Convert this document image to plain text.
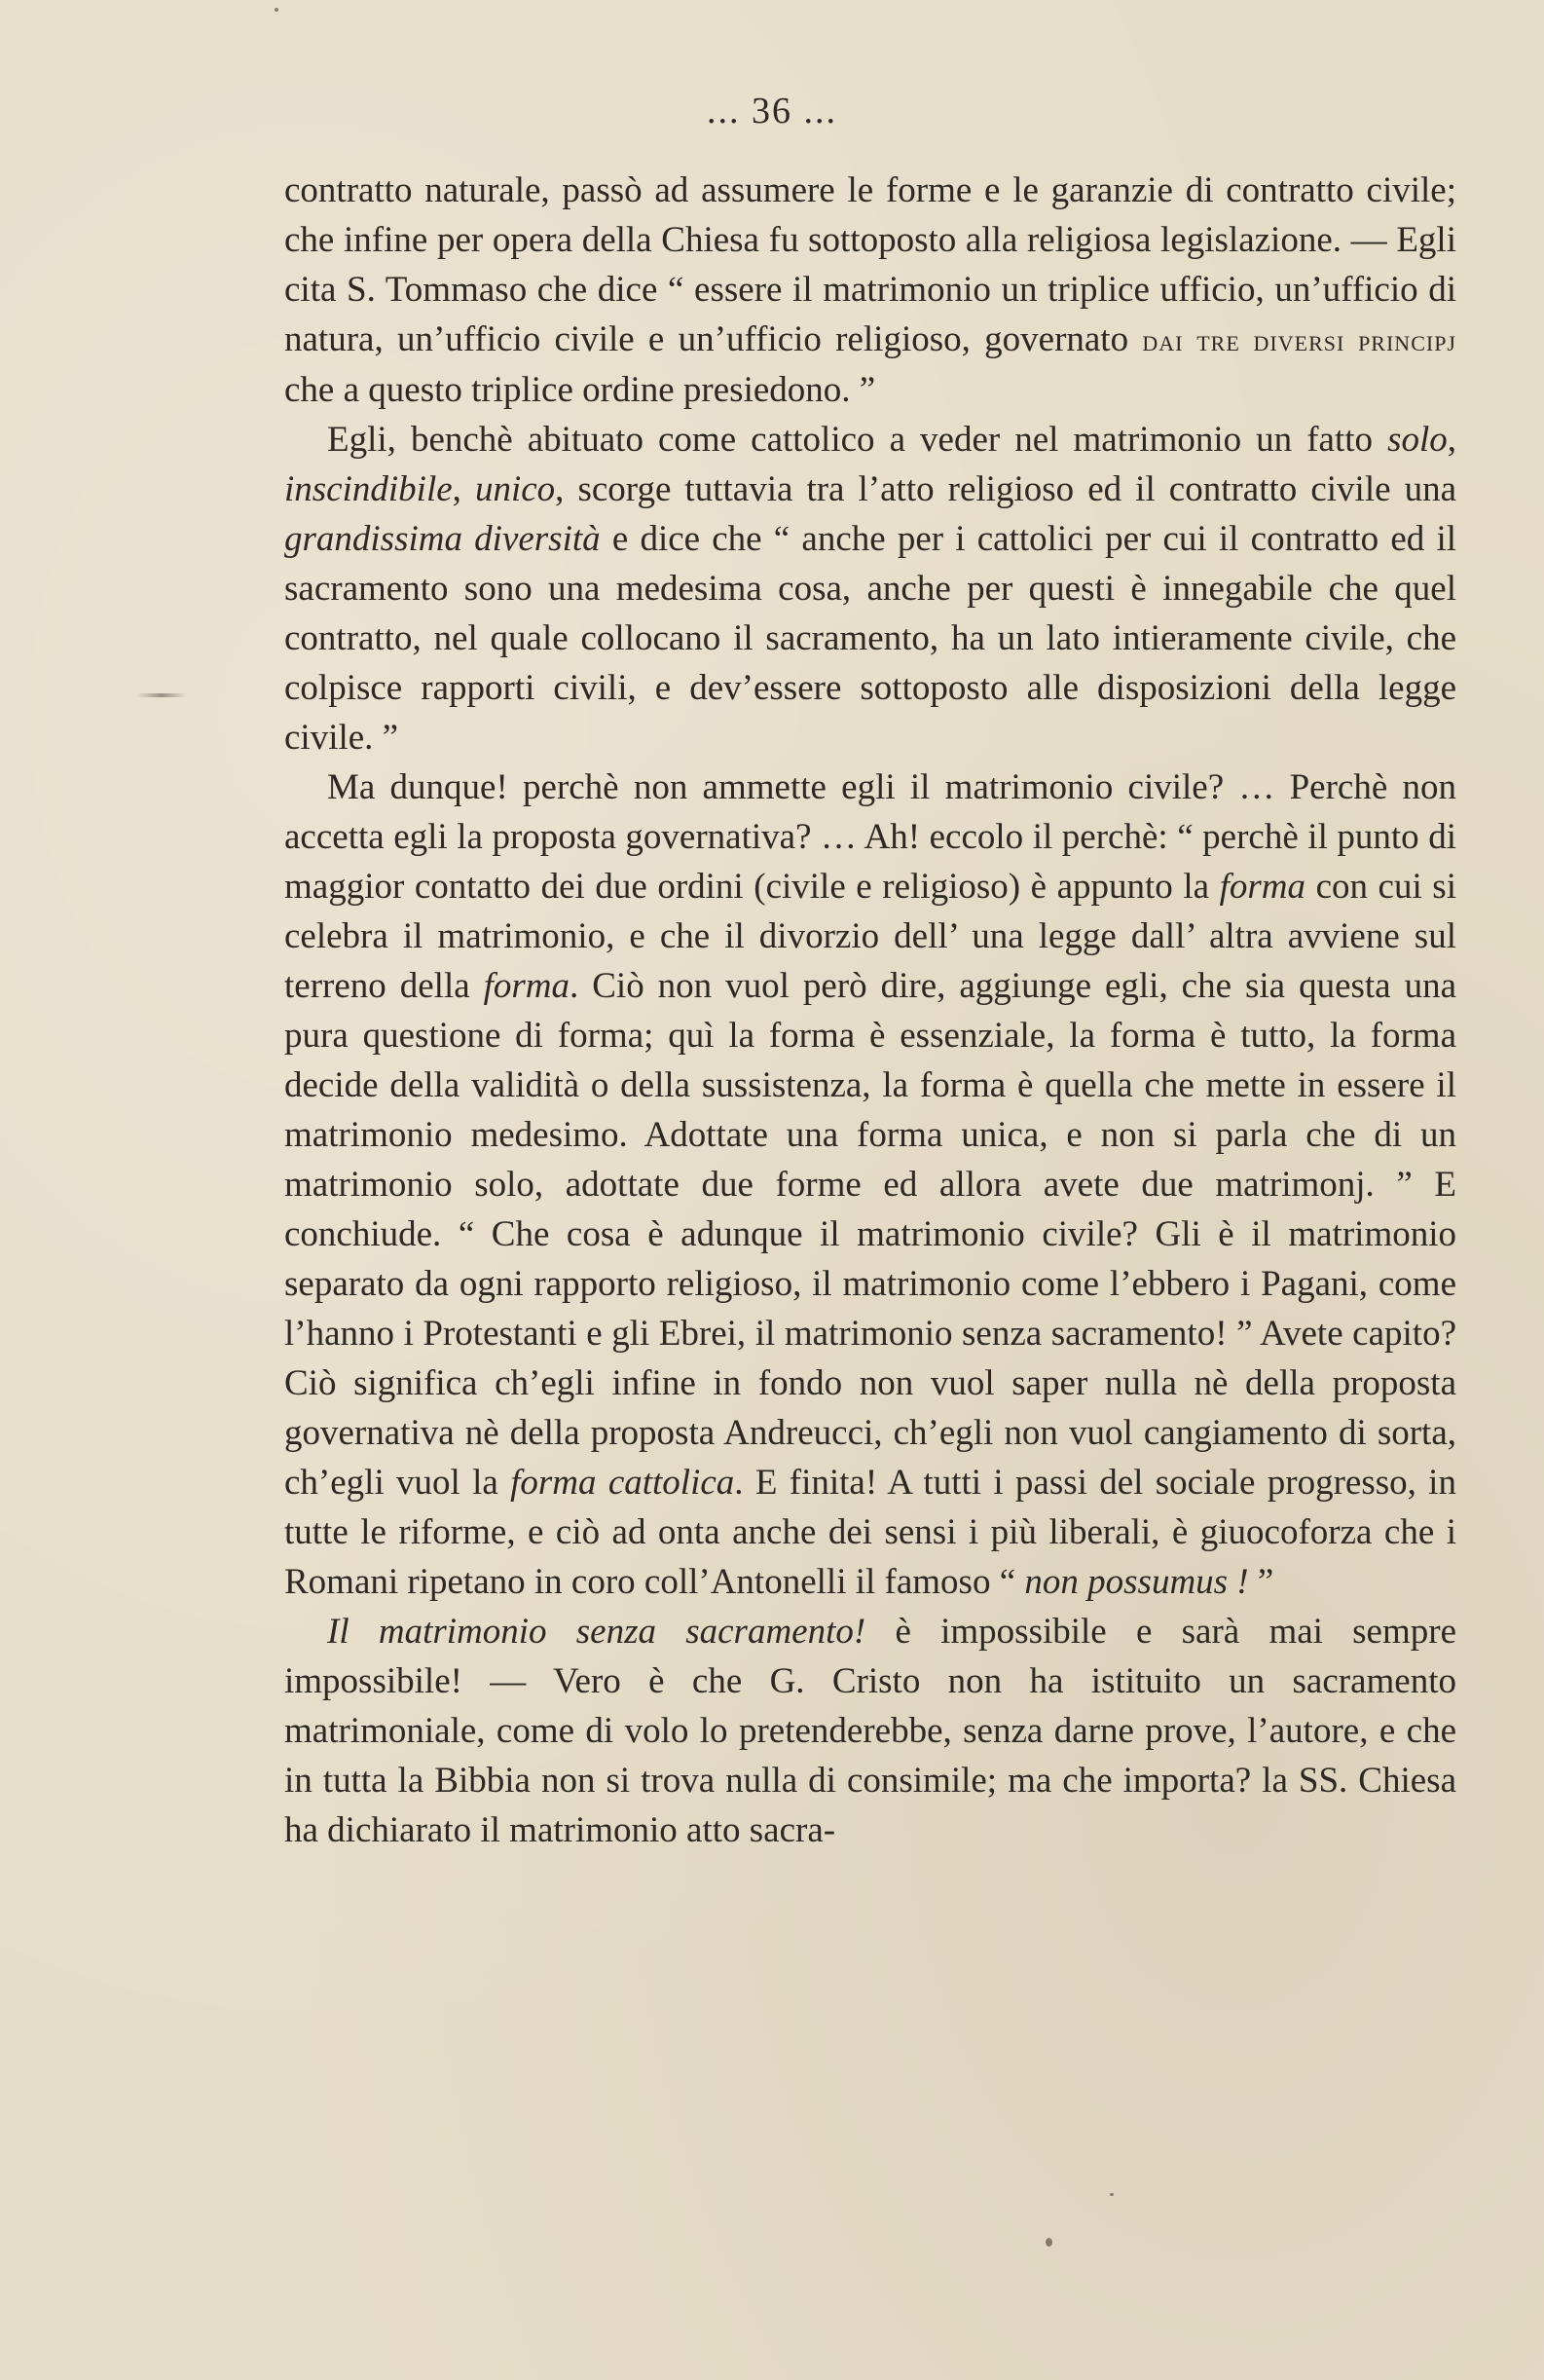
... 36 ...

contratto naturale, passò ad assumere le forme e le garanzie di contratto civile; che infine per opera della Chiesa fu sottoposto alla religiosa legislazione. — Egli cita S. Tommaso che dice “ essere il matrimonio un triplice ufficio, un’ufficio di natura, un’ufficio civile e un’ufficio religioso, governato dai tre diversi principj che a questo triplice ordine presiedono. ”

Egli, benchè abituato come cattolico a veder nel matrimonio un fatto solo, inscindibile, unico, scorge tuttavia tra l’atto religioso ed il contratto civile una grandissima diversità e dice che “ anche per i cattolici per cui il contratto ed il sacramento sono una medesima cosa, anche per questi è innegabile che quel contratto, nel quale collocano il sacramento, ha un lato intieramente civile, che colpisce rapporti civili, e dev’essere sottoposto alle disposizioni della legge civile. ”

Ma dunque! perchè non ammette egli il matrimonio civile? … Perchè non accetta egli la proposta governativa? … Ah! eccolo il perchè: “ perchè il punto di maggior contatto dei due ordini (civile e religioso) è appunto la forma con cui si celebra il matrimonio, e che il divorzio dell’ una legge dall’ altra avviene sul terreno della forma. Ciò non vuol però dire, aggiunge egli, che sia questa una pura questione di forma; quì la forma è essenziale, la forma è tutto, la forma decide della validità o della sussistenza, la forma è quella che mette in essere il matrimonio medesimo. Adottate una forma unica, e non si parla che di un matrimonio solo, adottate due forme ed allora avete due matrimonj. ” E conchiude. “ Che cosa è adunque il matrimonio civile? Gli è il matrimonio separato da ogni rapporto religioso, il matrimonio come l’ebbero i Pagani, come l’hanno i Protestanti e gli Ebrei, il matrimonio senza sacramento! ” Avete capito? Ciò significa ch’egli infine in fondo non vuol saper nulla nè della proposta governativa nè della proposta Andreucci, ch’egli non vuol cangiamento di sorta, ch’egli vuol la forma cattolica. E finita! A tutti i passi del sociale progresso, in tutte le riforme, e ciò ad onta anche dei sensi i più liberali, è giuocoforza che i Romani ripetano in coro coll’Antonelli il famoso “ non possumus ! ”

Il matrimonio senza sacramento! è impossibile e sarà mai sempre impossibile! — Vero è che G. Cristo non ha istituito un sacramento matrimoniale, come di volo lo pretenderebbe, senza darne prove, l’autore, e che in tutta la Bibbia non si trova nulla di consimile; ma che importa? la SS. Chiesa ha dichiarato il matrimonio atto sacra-
